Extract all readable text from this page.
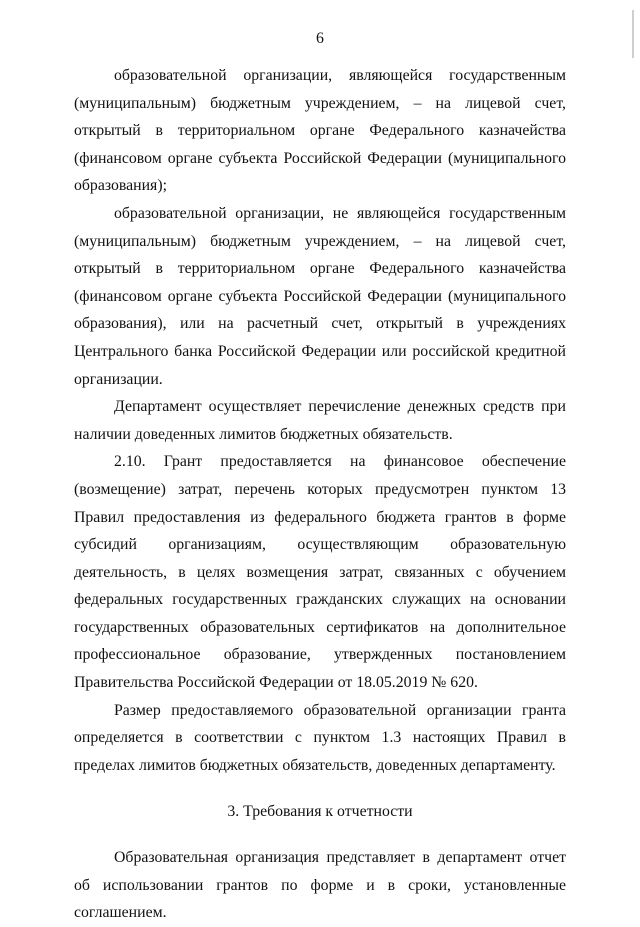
6

образовательной организации, являющейся государственным (муниципальным) бюджетным учреждением, – на лицевой счет, открытый в территориальном органе Федерального казначейства (финансовом органе субъекта Российской Федерации (муниципального образования);

образовательной организации, не являющейся государственным (муниципальным) бюджетным учреждением, – на лицевой счет, открытый в территориальном органе Федерального казначейства (финансовом органе субъекта Российской Федерации (муниципального образования), или на расчетный счет, открытый в учреждениях Центрального банка Российской Федерации или российской кредитной организации.

Департамент осуществляет перечисление денежных средств при наличии доведенных лимитов бюджетных обязательств.

2.10. Грант предоставляется на финансовое обеспечение (возмещение) затрат, перечень которых предусмотрен пунктом 13 Правил предоставления из федерального бюджета грантов в форме субсидий организациям, осуществляющим образовательную деятельность, в целях возмещения затрат, связанных с обучением федеральных государственных гражданских служащих на основании государственных образовательных сертификатов на дополнительное профессиональное образование, утвержденных постановлением Правительства Российской Федерации от 18.05.2019 № 620.

Размер предоставляемого образовательной организации гранта определяется в соответствии с пунктом 1.3 настоящих Правил в пределах лимитов бюджетных обязательств, доведенных департаменту.

3. Требования к отчетности

Образовательная организация представляет в департамент отчет об использовании грантов по форме и в сроки, установленные соглашением.
